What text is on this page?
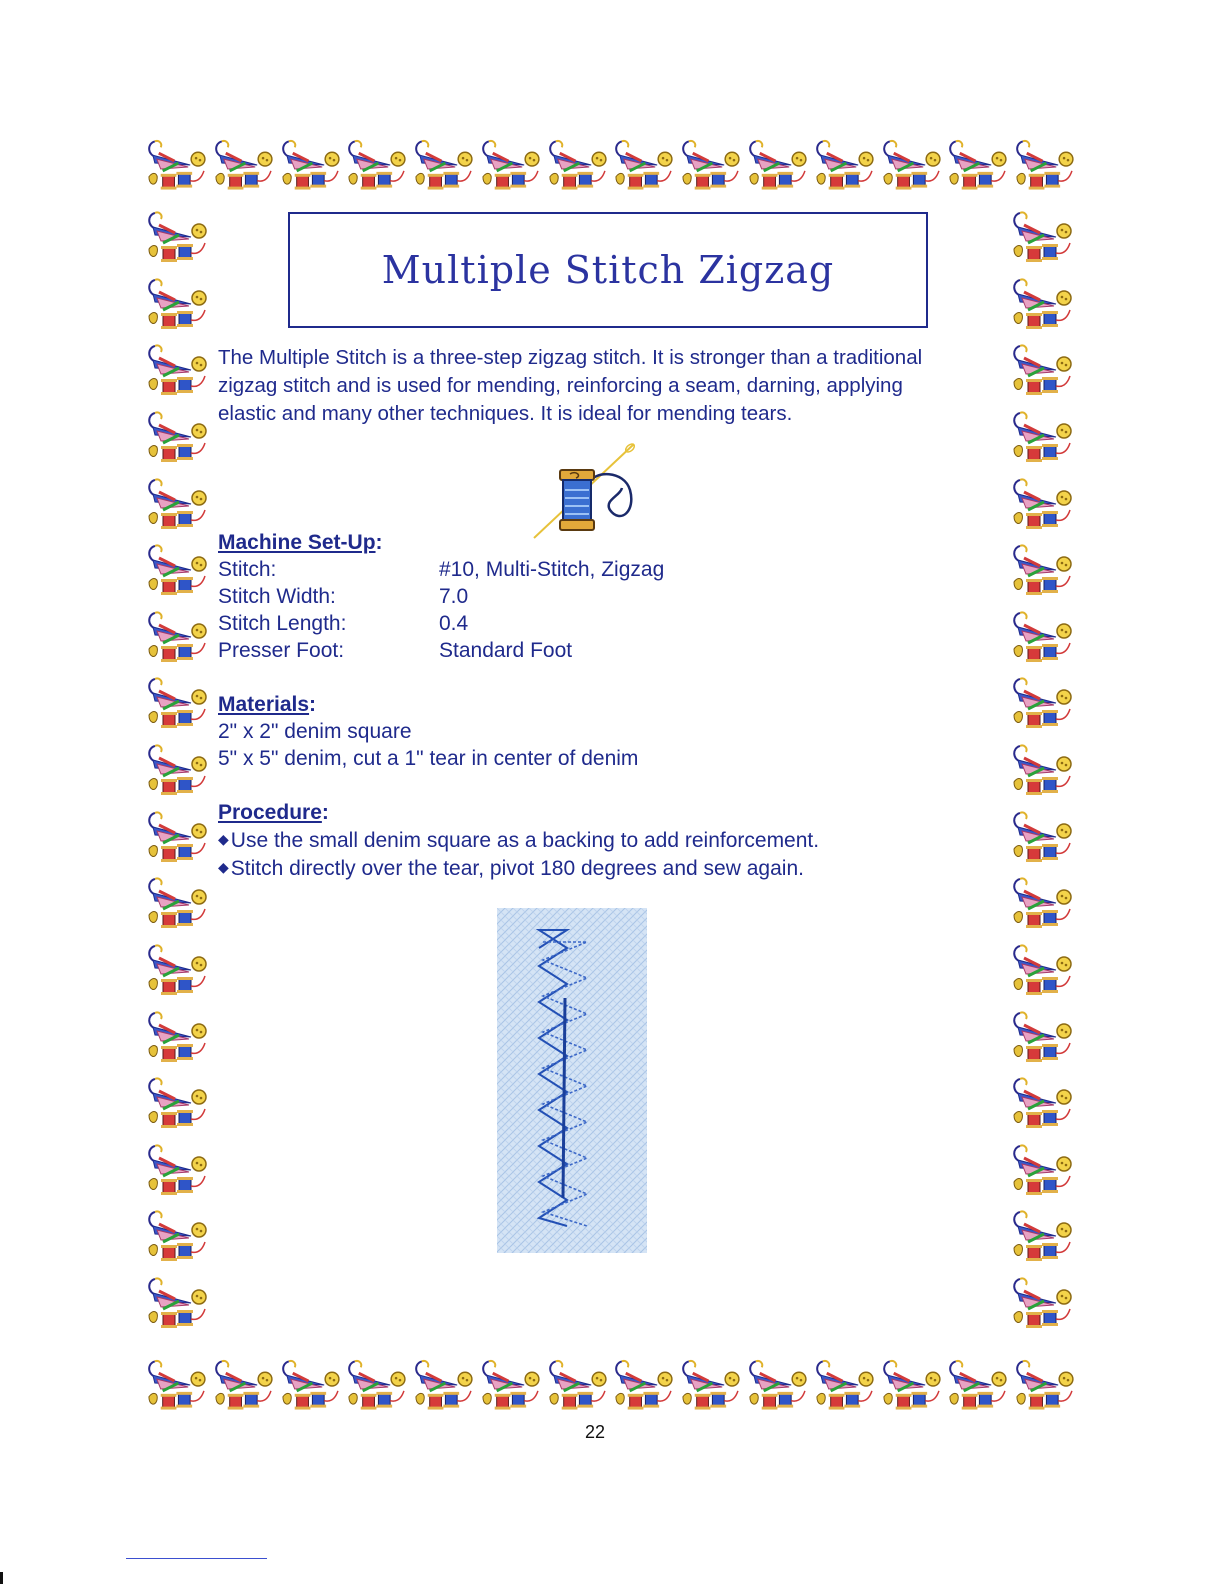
Multiple Stitch Zigzag

The Multiple Stitch is a three-step zigzag stitch. It is stronger than a traditional zigzag stitch and is used for mending, reinforcing a seam, darning, applying elastic and many other techniques. It is ideal for mending tears.

Machine Set-Up:
Stitch:	#10, Multi-Stitch, Zigzag
Stitch Width:	7.0
Stitch Length:	0.4
Presser Foot:	Standard Foot
Materials:
2" x 2" denim square
5" x 5" denim, cut a 1" tear in center of denim
Procedure:
◆Use the small denim square as a backing to add reinforcement.
◆Stitch directly over the tear, pivot 180 degrees and sew again.
22
